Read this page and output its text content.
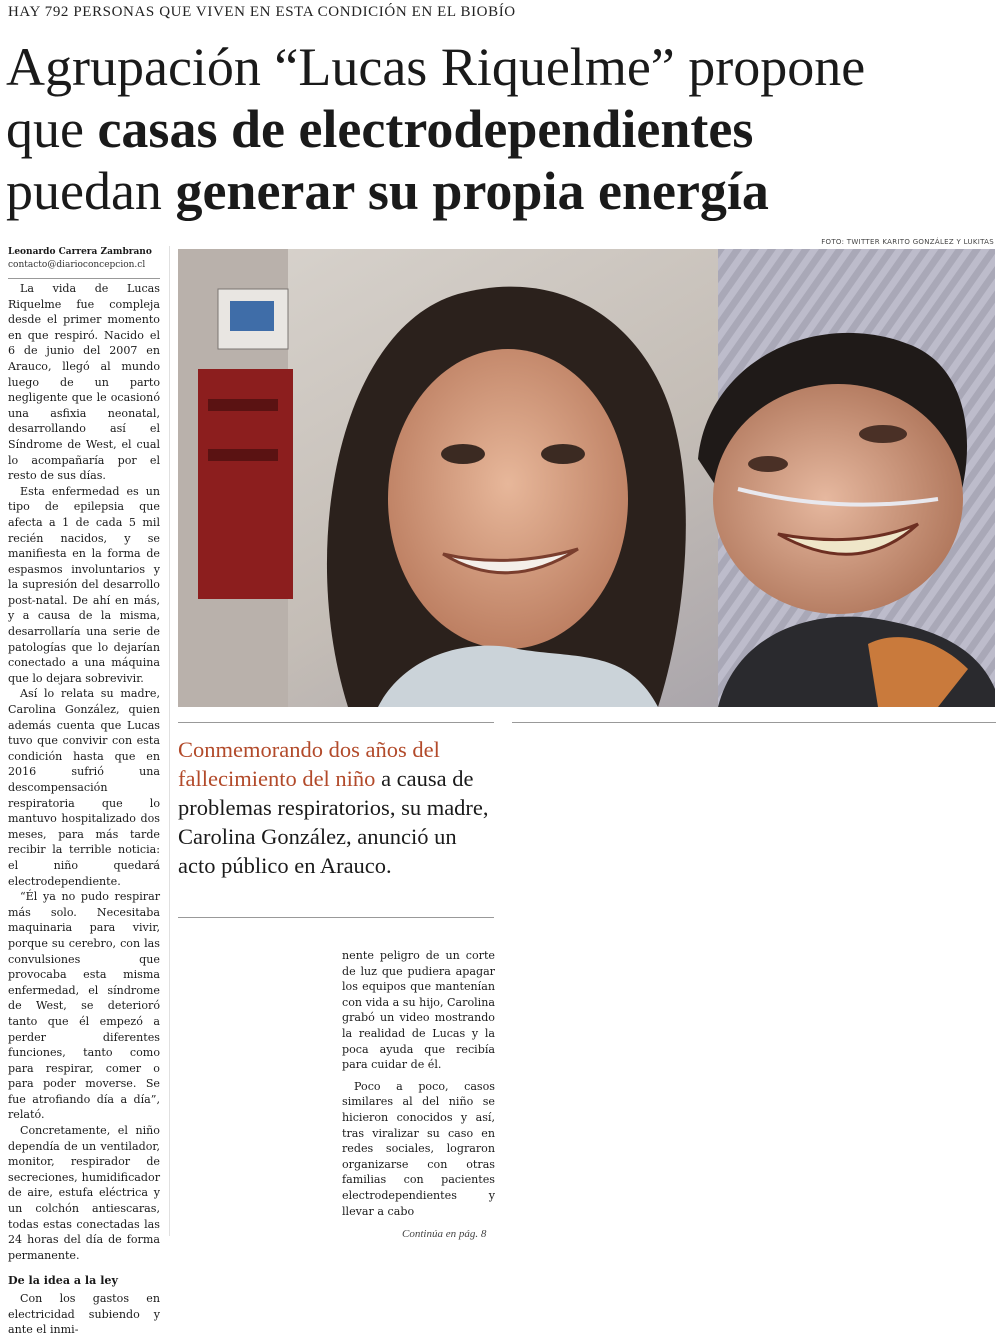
HAY 792 PERSONAS QUE VIVEN EN ESTA CONDICIÓN EN EL BIOBÍO
Agrupación “Lucas Riquelme” propone
que casas de electrodependientes
puedan generar su propia energía
Leonardo Carrera Zambrano
contacto@diarioconcepcion.cl

La vida de Lucas Riquelme fue compleja desde el primer momento en que respiró. Nacido el 6 de junio del 2007 en Arauco, llegó al mundo luego de un parto negligente que le ocasionó una asfixia neonatal, desarrollando así el Síndrome de West, el cual lo acompañaría por el resto de sus días.

Esta enfermedad es un tipo de epilepsia que afecta a 1 de cada 5 mil recién nacidos, y se manifiesta en la forma de espasmos involuntarios y la supresión del desarrollo post-natal. De ahí en más, y a causa de la misma, desarrollaría una serie de patologías que lo dejarían conectado a una máquina que lo dejara sobrevivir.

Así lo relata su madre, Carolina González, quien además cuenta que Lucas tuvo que convivir con esta condición hasta que en 2016 sufrió una descompensación respiratoria que lo mantuvo hospitalizado dos meses, para más tarde recibir la terrible noticia: el niño quedará electrodependiente.

“Él ya no pudo respirar más solo. Necesitaba maquinaria para vivir, porque su cerebro, con las convulsiones que provocaba esta misma enfermedad, el síndrome de West, se deterioró tanto que él empezó a perder diferentes funciones, tanto como para respirar, comer o para poder moverse. Se fue atrofiando día a día”, relató.

Concretamente, el niño dependía de un ventilador, monitor, respirador de secreciones, humidificador de aire, estufa eléctrica y un colchón antiescaras, todas estas conectadas las 24 horas del día de forma permanente.

De la idea a la ley

Con los gastos en electricidad subiendo y ante el inmi-

FOTO: TWITTER KARITO GONZÁLEZ Y LUKITAS
Conmemorando dos años del fallecimiento del niño a causa de problemas respiratorios, su madre, Carolina González, anunció un acto público en Arauco.

nente peligro de un corte de luz que pudiera apagar los equipos que mantenían con vida a su hijo, Carolina grabó un video mostrando la realidad de Lucas y la poca ayuda que recibía para cuidar de él.

Poco a poco, casos similares al del niño se hicieron conocidos y así, tras viralizar su caso en redes sociales, lograron organizarse con otras familias con pacientes electrodependientes y llevar a cabo

Continúa en pág. 8
